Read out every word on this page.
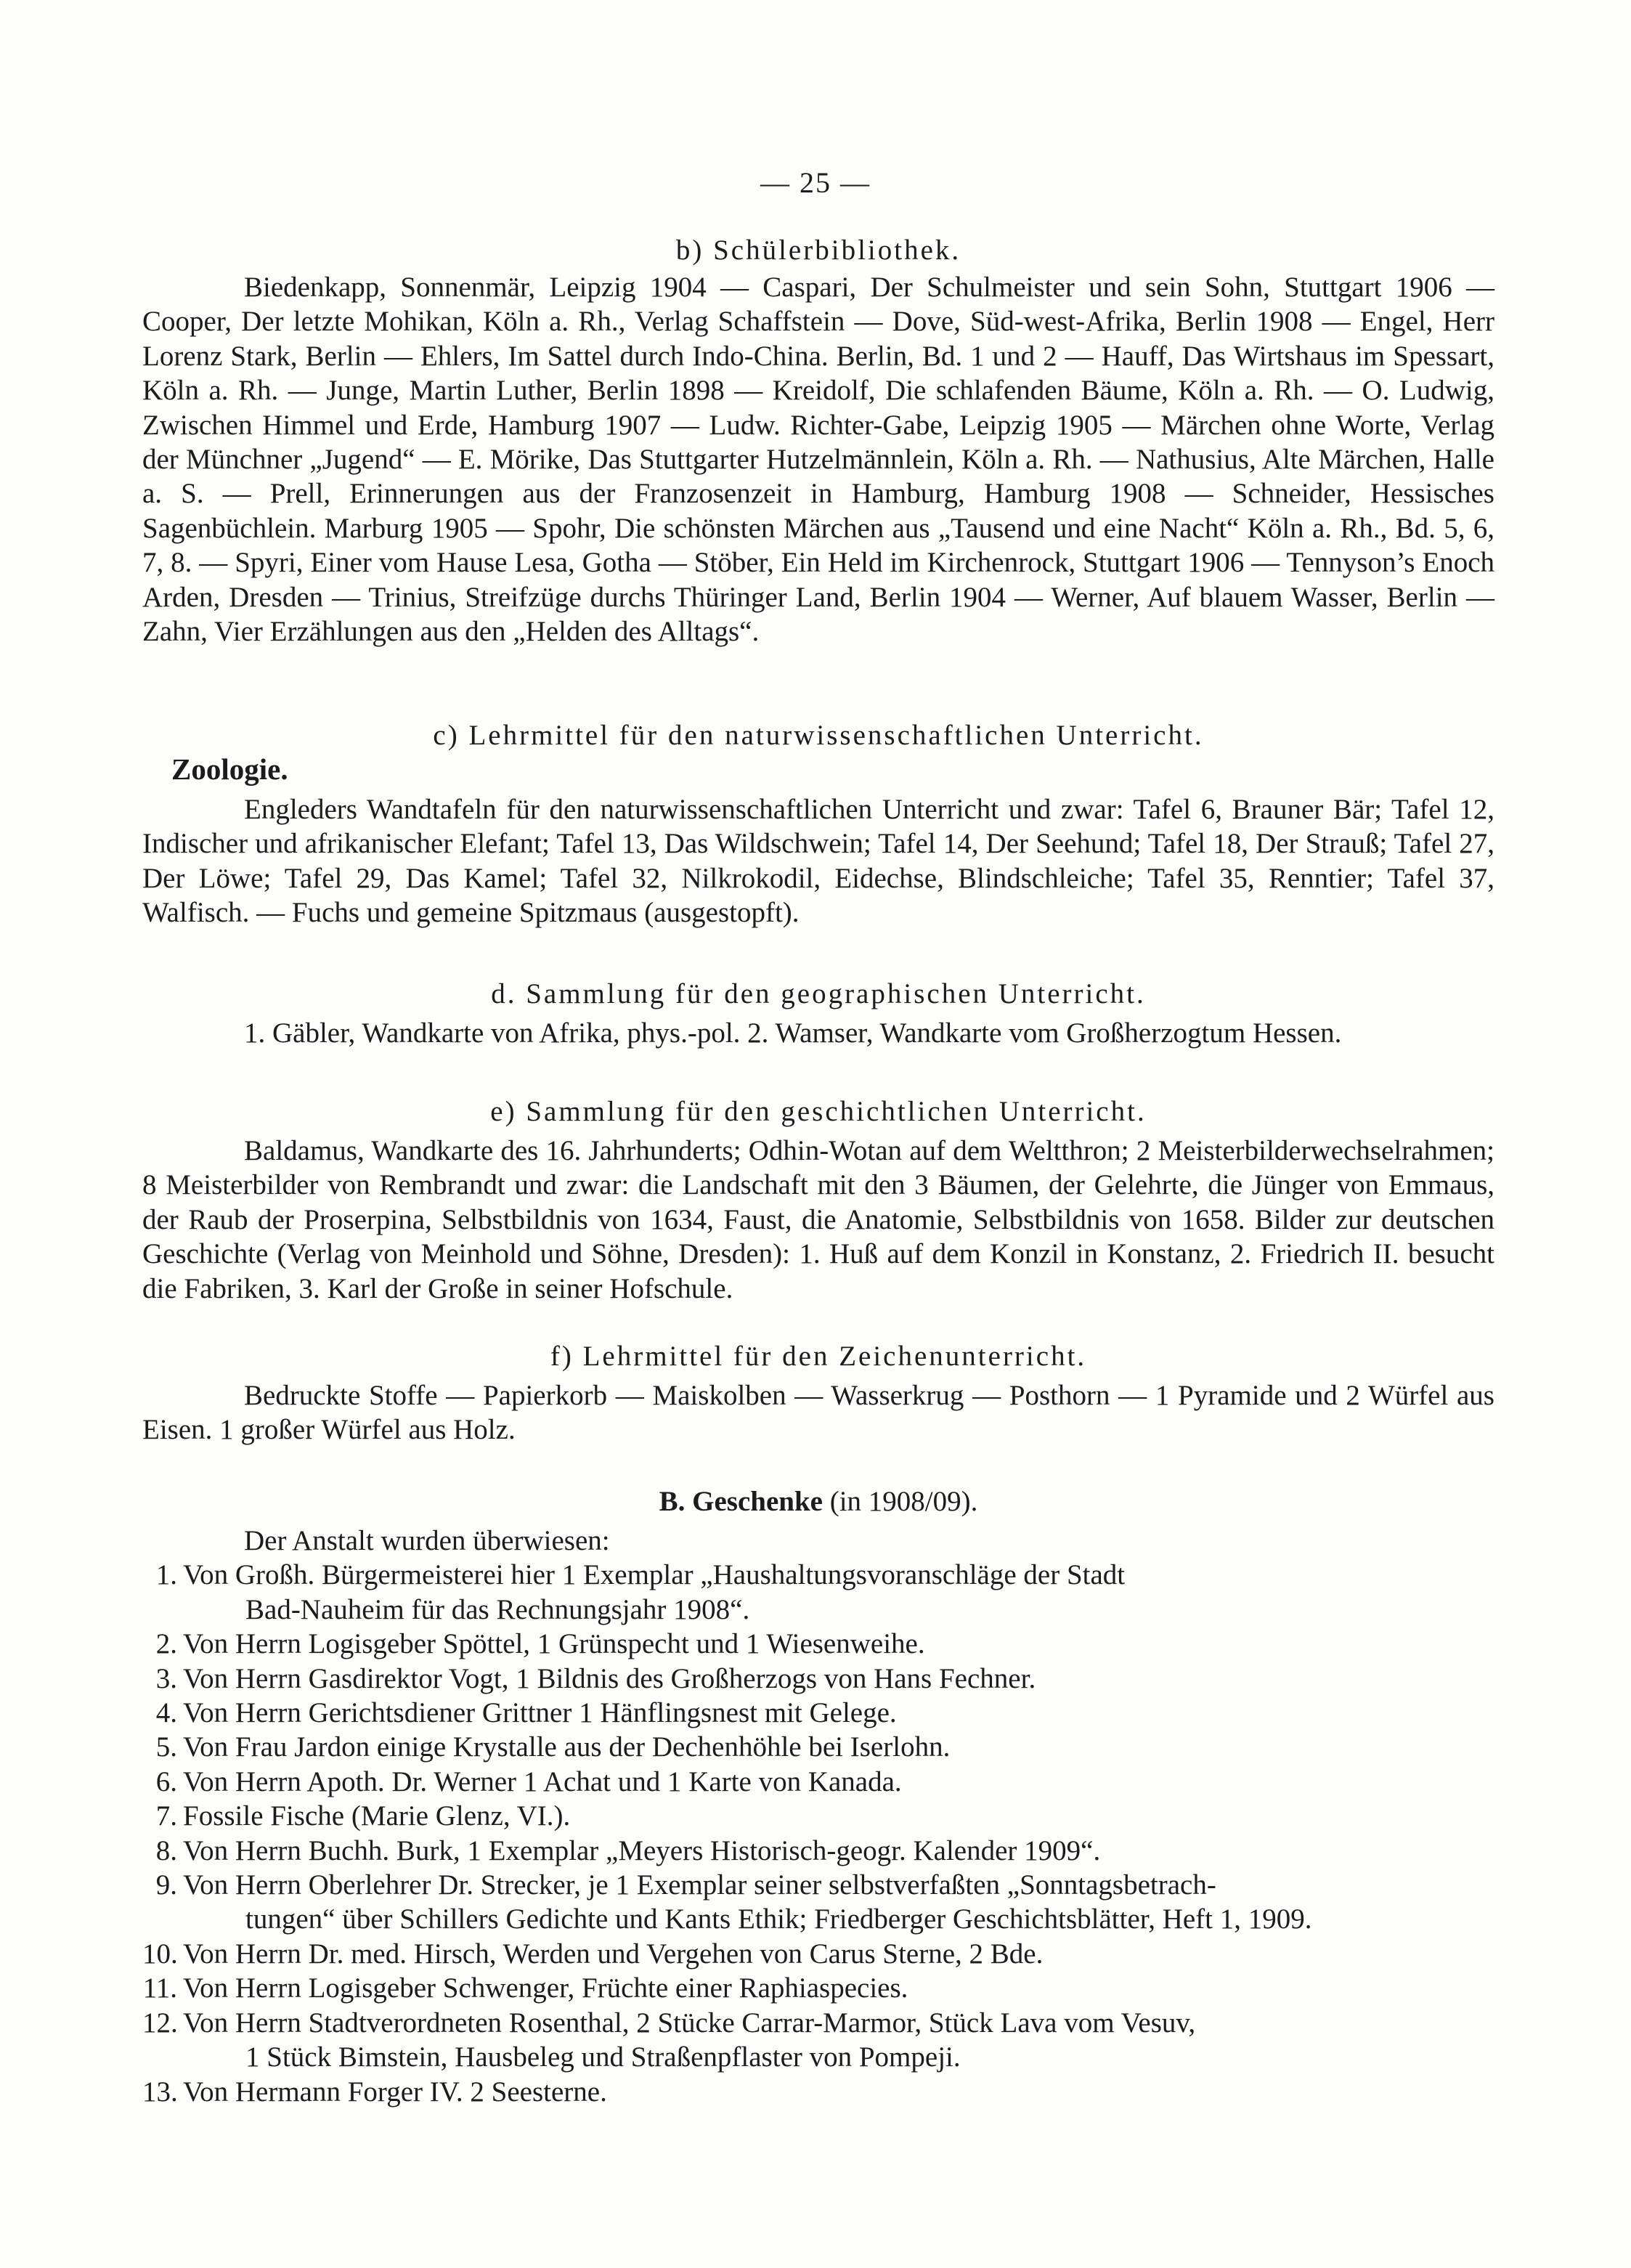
— 25 —
b) Schülerbibliothek.

Biedenkapp, Sonnenmär, Leipzig 1904 — Caspari, Der Schulmeister und sein Sohn, Stuttgart 1906 — Cooper, Der letzte Mohikan, Köln a. Rh., Verlag Schaffstein — Dove, Süd-west-Afrika, Berlin 1908 — Engel, Herr Lorenz Stark, Berlin — Ehlers, Im Sattel durch Indo-China. Berlin, Bd. 1 und 2 — Hauff, Das Wirtshaus im Spessart, Köln a. Rh. — Junge, Martin Luther, Berlin 1898 — Kreidolf, Die schlafenden Bäume, Köln a. Rh. — O. Ludwig, Zwischen Himmel und Erde, Hamburg 1907 — Ludw. Richter-Gabe, Leipzig 1905 — Märchen ohne Worte, Verlag der Münchner „Jugend“ — E. Mörike, Das Stuttgarter Hutzelmännlein, Köln a. Rh. — Nathusius, Alte Märchen, Halle a. S. — Prell, Erinnerungen aus der Franzosenzeit in Hamburg, Hamburg 1908 — Schneider, Hessisches Sagenbüchlein. Marburg 1905 — Spohr, Die schönsten Märchen aus „Tausend und eine Nacht“ Köln a. Rh., Bd. 5, 6, 7, 8. — Spyri, Einer vom Hause Lesa, Gotha — Stöber, Ein Held im Kirchenrock, Stuttgart 1906 — Tennyson’s Enoch Arden, Dresden — Trinius, Streifzüge durchs Thüringer Land, Berlin 1904 — Werner, Auf blauem Wasser, Berlin — Zahn, Vier Erzählungen aus den „Helden des Alltags“.

c) Lehrmittel für den naturwissenschaftlichen Unterricht.

Zoologie.

Engleders Wandtafeln für den naturwissenschaftlichen Unterricht und zwar: Tafel 6, Brauner Bär; Tafel 12, Indischer und afrikanischer Elefant; Tafel 13, Das Wildschwein; Tafel 14, Der Seehund; Tafel 18, Der Strauß; Tafel 27, Der Löwe; Tafel 29, Das Kamel; Tafel 32, Nilkrokodil, Eidechse, Blindschleiche; Tafel 35, Renntier; Tafel 37, Walfisch. — Fuchs und gemeine Spitzmaus (ausgestopft).

d. Sammlung für den geographischen Unterricht.

1. Gäbler, Wandkarte von Afrika, phys.-pol. 2. Wamser, Wandkarte vom Großherzogtum Hessen.

e) Sammlung für den geschichtlichen Unterricht.

Baldamus, Wandkarte des 16. Jahrhunderts; Odhin-Wotan auf dem Weltthron; 2 Meisterbilderwechselrahmen; 8 Meisterbilder von Rembrandt und zwar: die Landschaft mit den 3 Bäumen, der Gelehrte, die Jünger von Emmaus, der Raub der Proserpina, Selbstbildnis von 1634, Faust, die Anatomie, Selbstbildnis von 1658. Bilder zur deutschen Geschichte (Verlag von Meinhold und Söhne, Dresden): 1. Huß auf dem Konzil in Konstanz, 2. Friedrich II. besucht die Fabriken, 3. Karl der Große in seiner Hofschule.

f) Lehrmittel für den Zeichenunterricht.

Bedruckte Stoffe — Papierkorb — Maiskolben — Wasserkrug — Posthorn — 1 Pyramide und 2 Würfel aus Eisen. 1 großer Würfel aus Holz.

B. Geschenke (in 1908/09).

Der Anstalt wurden überwiesen:

1. Von Großh. Bürgermeisterei hier 1 Exemplar „Haushaltungsvoranschläge der Stadt
Bad-Nauheim für das Rechnungsjahr 1908“.
2. Von Herrn Logisgeber Spöttel, 1 Grünspecht und 1 Wiesenweihe.
3. Von Herrn Gasdirektor Vogt, 1 Bildnis des Großherzogs von Hans Fechner.
4. Von Herrn Gerichtsdiener Grittner 1 Hänflingsnest mit Gelege.
5. Von Frau Jardon einige Krystalle aus der Dechenhöhle bei Iserlohn.
6. Von Herrn Apoth. Dr. Werner 1 Achat und 1 Karte von Kanada.
7. Fossile Fische (Marie Glenz, VI.).
8. Von Herrn Buchh. Burk, 1 Exemplar „Meyers Historisch-geogr. Kalender 1909“.
9. Von Herrn Oberlehrer Dr. Strecker, je 1 Exemplar seiner selbstverfaßten „Sonntagsbetrach-
tungen“ über Schillers Gedichte und Kants Ethik; Friedberger Geschichtsblätter, Heft 1, 1909.
10. Von Herrn Dr. med. Hirsch, Werden und Vergehen von Carus Sterne, 2 Bde.
11. Von Herrn Logisgeber Schwenger, Früchte einer Raphiaspecies.
12. Von Herrn Stadtverordneten Rosenthal, 2 Stücke Carrar-Marmor, Stück Lava vom Vesuv,
1 Stück Bimstein, Hausbeleg und Straßenpflaster von Pompeji.
13. Von Hermann Forger IV. 2 Seesterne.
